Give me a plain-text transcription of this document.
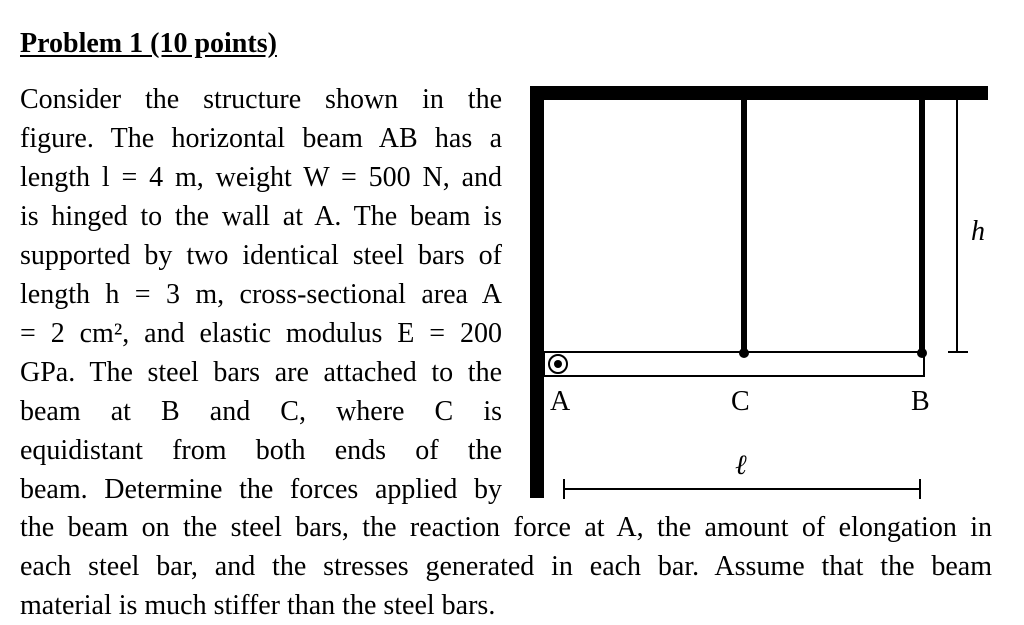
Problem 1 (10 points)
Consider the structure shown in the
figure. The horizontal beam AB has a
length l = 4 m, weight W = 500 N, and
is hinged to the wall at A. The beam is
supported by two identical steel bars of
length h = 3 m, cross-sectional area A
= 2 cm², and elastic modulus E = 200
GPa. The steel bars are attached to the
beam at B and C, where C is
equidistant from both ends of the
beam. Determine the forces applied by
the beam on the steel bars, the reaction force at A, the amount of elongation in
each steel bar, and the stresses generated in each bar. Assume that the beam
material is much stiffer than the steel bars.
A	C	B
h
ℓ
